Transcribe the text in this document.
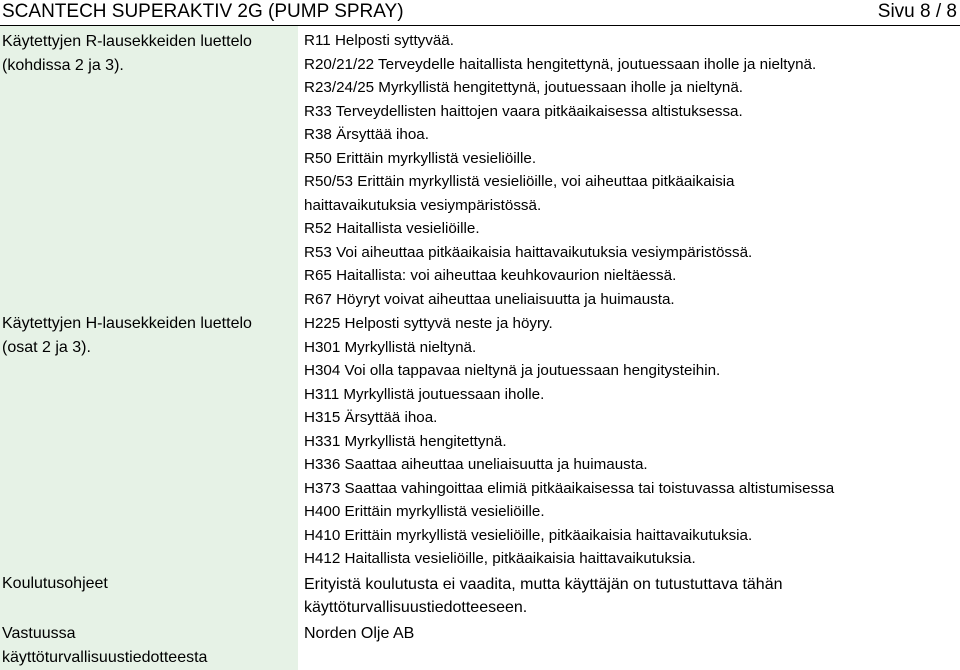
SCANTECH SUPERAKTIV 2G (PUMP SPRAY)	Sivu 8 / 8
Käytettyjen R-lausekkeiden luettelo
(kohdissa 2 ja 3).
Käytettyjen H-lausekkeiden luettelo
(osat 2 ja 3).
Koulutusohjeet
Vastuussa
käyttöturvallisuustiedotteesta
R11 Helposti syttyvää.
R20/21/22 Terveydelle haitallista hengitettynä, joutuessaan iholle ja nieltynä.
R23/24/25 Myrkyllistä hengitettynä, joutuessaan iholle ja nieltynä.
R33 Terveydellisten haittojen vaara pitkäaikaisessa altistuksessa.
R38 Ärsyttää ihoa.
R50 Erittäin myrkyllistä vesieliöille.
R50/53 Erittäin myrkyllistä vesieliöille, voi aiheuttaa pitkäaikaisia
haittavaikutuksia vesiympäristössä.
R52 Haitallista vesieliöille.
R53 Voi aiheuttaa pitkäaikaisia haittavaikutuksia vesiympäristössä.
R65 Haitallista: voi aiheuttaa keuhkovaurion nieltäessä.
R67 Höyryt voivat aiheuttaa uneliaisuutta ja huimausta.
H225 Helposti syttyvä neste ja höyry.
H301 Myrkyllistä nieltynä.
H304 Voi olla tappavaa nieltynä ja joutuessaan hengitysteihin.
H311 Myrkyllistä joutuessaan iholle.
H315 Ärsyttää ihoa.
H331 Myrkyllistä hengitettynä.
H336 Saattaa aiheuttaa uneliaisuutta ja huimausta.
H373 Saattaa vahingoittaa elimiä pitkäaikaisessa tai toistuvassa altistumisessa
H400 Erittäin myrkyllistä vesieliöille.
H410 Erittäin myrkyllistä vesieliöille, pitkäaikaisia haittavaikutuksia.
H412 Haitallista vesieliöille, pitkäaikaisia haittavaikutuksia.
Erityistä koulutusta ei vaadita, mutta käyttäjän on tutustuttava tähän
käyttöturvallisuustiedotteeseen.
Norden Olje AB
